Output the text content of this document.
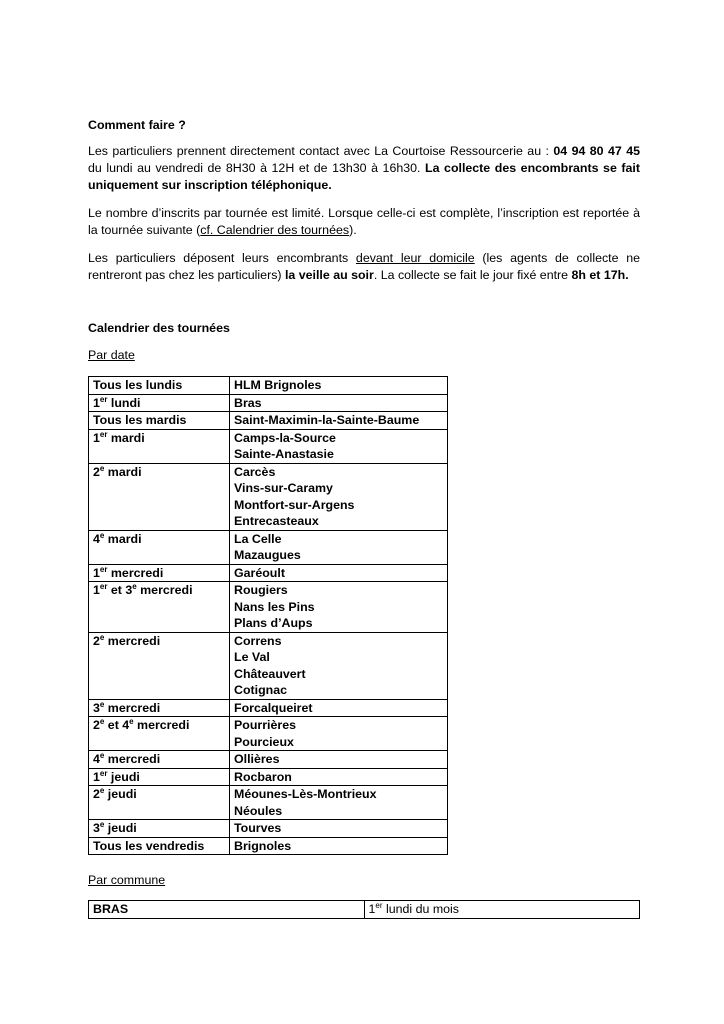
Comment faire ?

Les particuliers prennent directement contact avec La Courtoise Ressourcerie au : 04 94 80 47 45 du lundi au vendredi de 8H30 à 12H et de 13h30 à 16h30. La collecte des encombrants se fait uniquement sur inscription téléphonique.

Le nombre d’inscrits par tournée est limité. Lorsque celle-ci est complète, l’inscription est reportée à la tournée suivante (cf. Calendrier des tournées).

Les particuliers déposent leurs encombrants devant leur domicile (les agents de collecte ne rentreront pas chez les particuliers) la veille au soir. La collecte se fait le jour fixé entre 8h et 17h.

Calendrier des tournées

Par date

Tous les lundis	HLM Brignoles

1er lundi	Bras

Tous les mardis	Saint-Maximin-la-Sainte-Baume

1er mardi	Camps-la-Source
Sainte-Anastasie

2e mardi	Carcès
Vins-sur-Caramy
Montfort-sur-Argens
Entrecasteaux

4e mardi	La Celle
Mazaugues

1er mercredi	Garéoult

1er et 3e mercredi	Rougiers
Nans les Pins
Plans d’Aups

2e mercredi	Correns
Le Val
Châteauvert
Cotignac

3e mercredi	Forcalqueiret

2e et 4e mercredi	Pourrières
Pourcieux

4e mercredi	Ollières

1er jeudi	Rocbaron

2e jeudi	Méounes-Lès-Montrieux
Néoules

3e jeudi	Tourves

Tous les vendredis	Brignoles

Par commune

BRAS	1er lundi du mois
